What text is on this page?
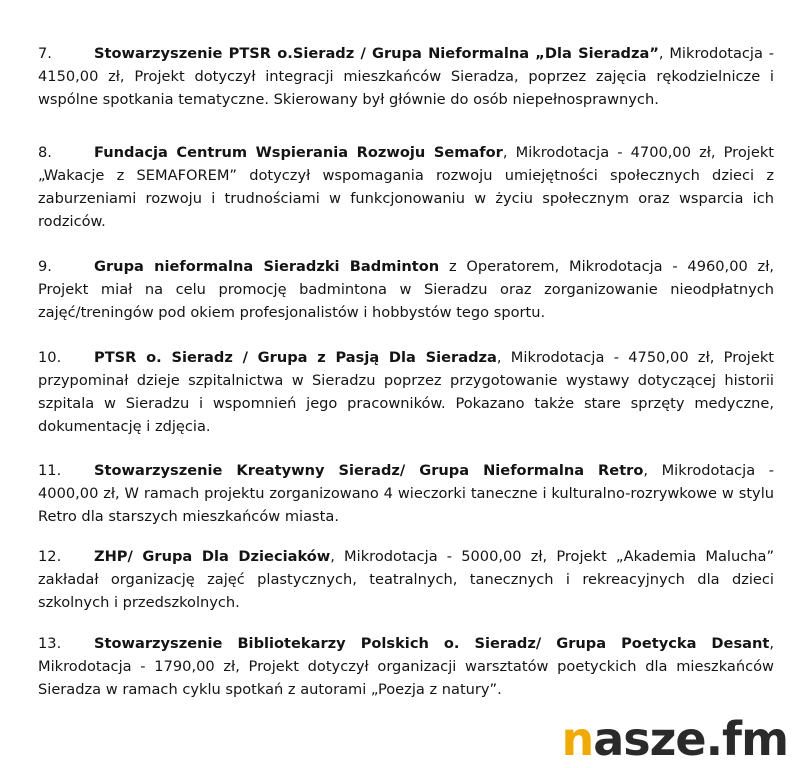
7.	Stowarzyszenie PTSR o.Sieradz / Grupa Nieformalna „Dla Sieradza”, Mikrodotacja - 4150,00 zł, Projekt dotyczył integracji mieszkańców Sieradza, poprzez zajęcia rękodzielnicze i wspólne spotkania tematyczne. Skierowany był głównie do osób niepełnosprawnych.

8.	Fundacja Centrum Wspierania Rozwoju Semafor, Mikrodotacja - 4700,00 zł, Projekt „Wakacje z SEMAFOREM” dotyczył wspomagania rozwoju umiejętności społecznych dzieci z zaburzeniami rozwoju i trudnościami w funkcjonowaniu w życiu społecznym oraz wsparcia ich rodziców.

9.	Grupa nieformalna Sieradzki Badminton z Operatorem, Mikrodotacja - 4960,00 zł, Projekt miał na celu promocję badmintona w Sieradzu oraz zorganizowanie nieodpłatnych zajęć/treningów pod okiem profesjonalistów i hobbystów tego sportu.

10. PTSR o. Sieradz / Grupa z Pasją Dla Sieradza, Mikrodotacja - 4750,00 zł, Projekt przypominał dzieje szpitalnictwa w Sieradzu poprzez przygotowanie wystawy dotyczącej historii szpitala w Sieradzu i wspomnień jego pracowników. Pokazano także stare sprzęty medyczne, dokumentację i zdjęcia.

11. Stowarzyszenie Kreatywny Sieradz/ Grupa Nieformalna Retro, Mikrodotacja - 4000,00 zł, W ramach projektu zorganizowano 4 wieczorki taneczne i kulturalno-rozrywkowe w stylu Retro dla starszych mieszkańców miasta.

12. ZHP/ Grupa Dla Dzieciaków, Mikrodotacja - 5000,00 zł, Projekt „Akademia Malucha” zakładał organizację zajęć plastycznych, teatralnych, tanecznych i rekreacyjnych dla dzieci szkolnych i przedszkolnych.

13. Stowarzyszenie Bibliotekarzy Polskich o. Sieradz/ Grupa Poetycka Desant, Mikrodotacja - 1790,00 zł, Projekt dotyczył organizacji warsztatów poetyckich dla mieszkańców Sieradza w ramach cyklu spotkań z autorami „Poezja z natury”.

nasze.fm
